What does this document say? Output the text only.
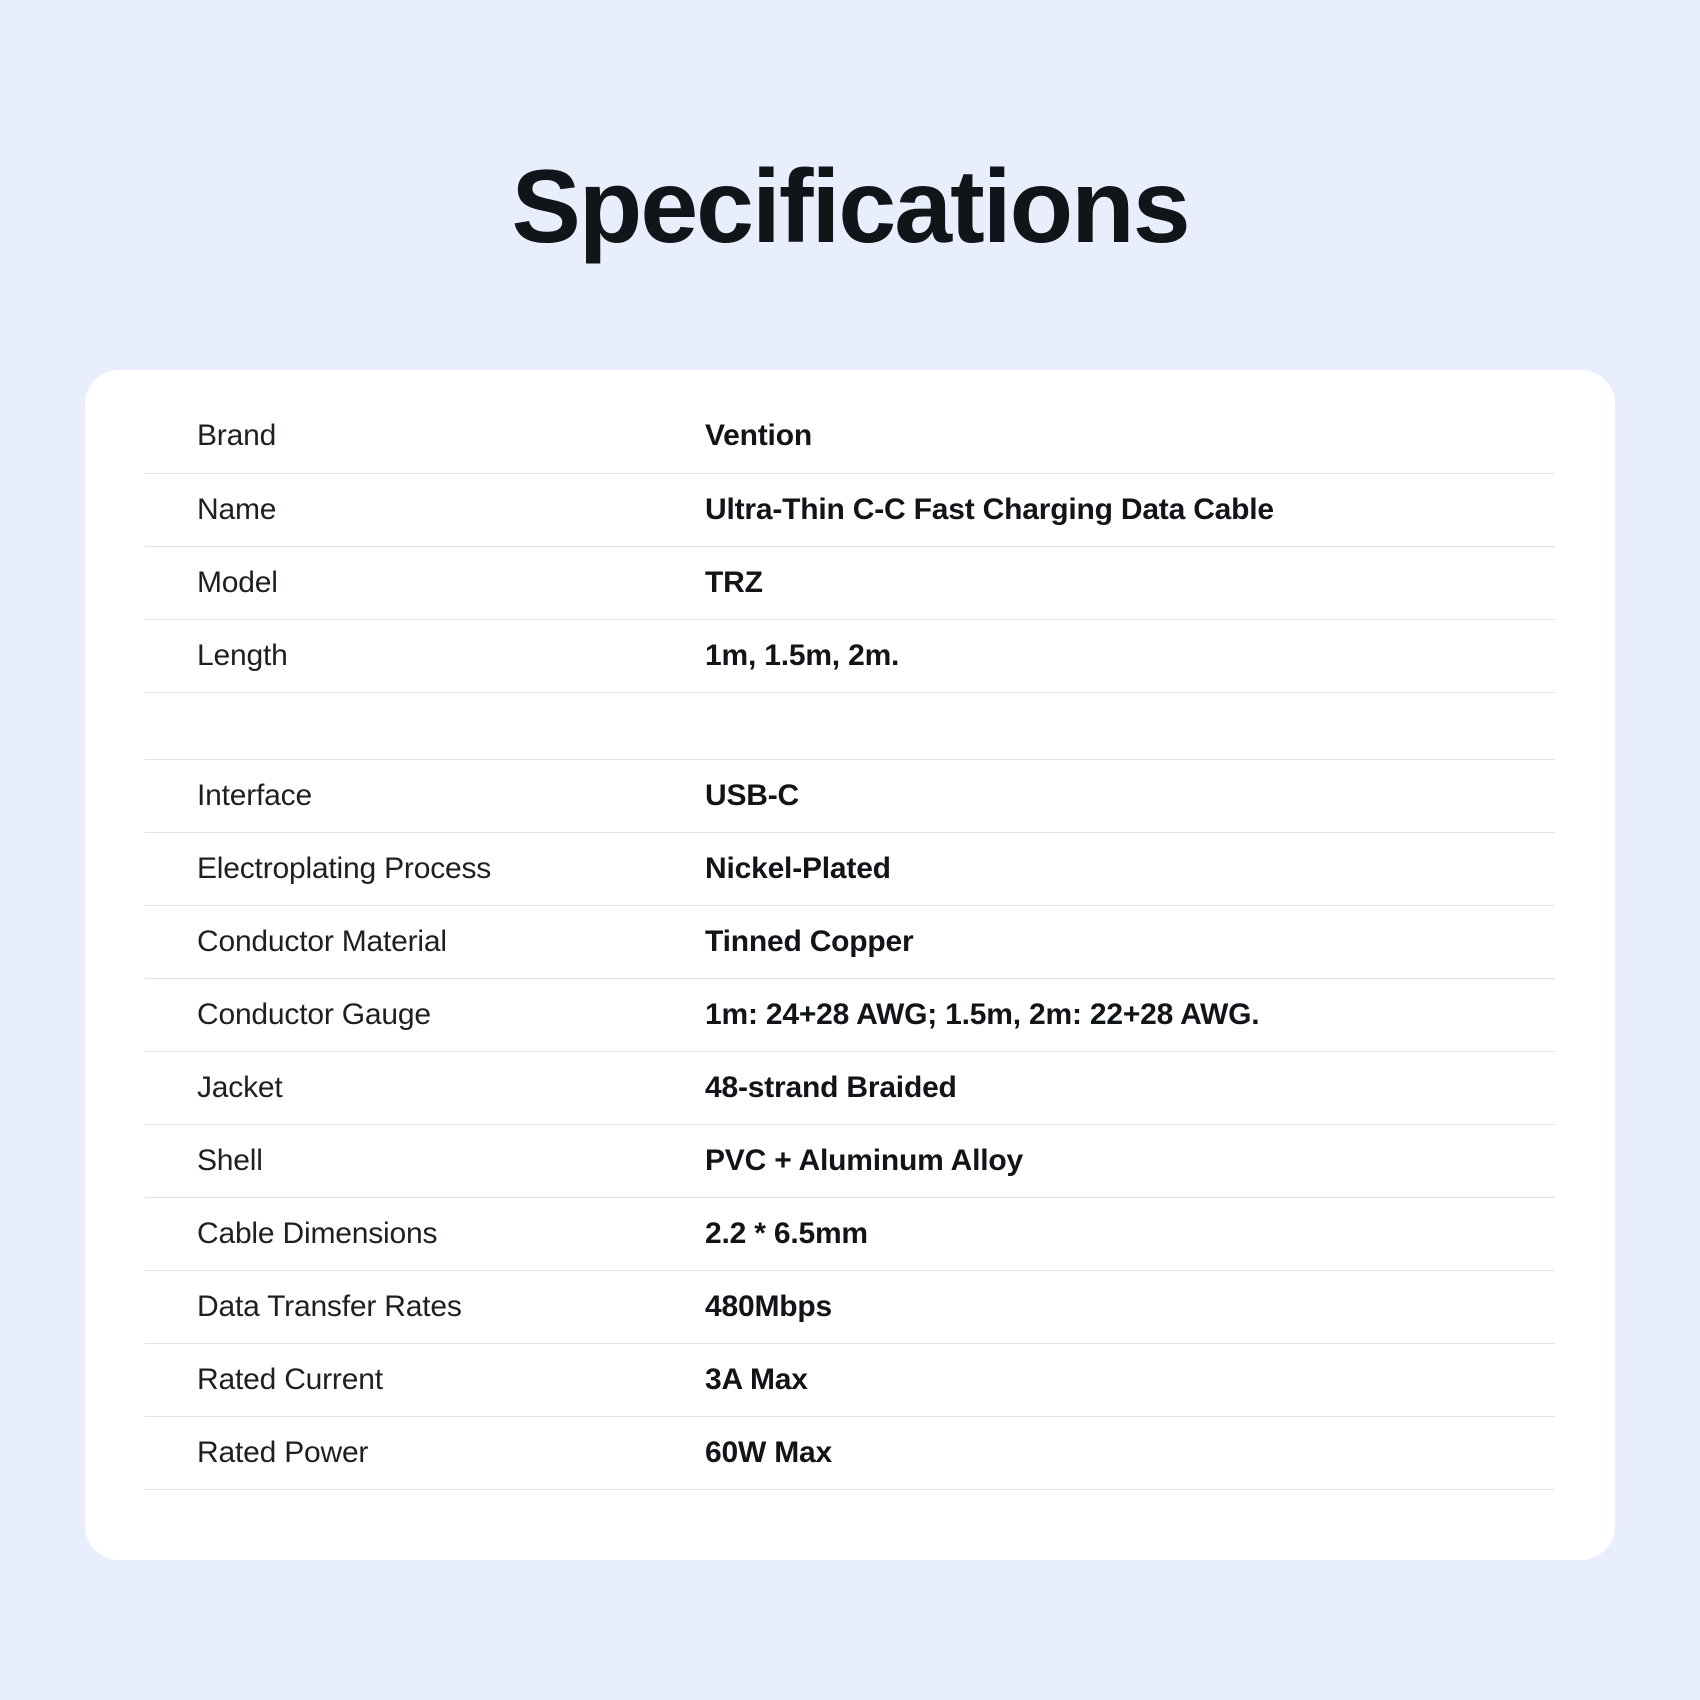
Specifications
Brand	Vention
Name	Ultra-Thin C-C Fast Charging Data Cable
Model	TRZ
Length	1m, 1.5m, 2m.

Interface	USB-C
Electroplating Process	Nickel-Plated
Conductor Material	Tinned Copper
Conductor Gauge	1m: 24+28 AWG; 1.5m, 2m: 22+28 AWG.
Jacket	48-strand Braided
Shell	PVC + Aluminum Alloy
Cable Dimensions	2.2 * 6.5mm
Data Transfer Rates	480Mbps
Rated Current	3A Max
Rated Power	60W Max
